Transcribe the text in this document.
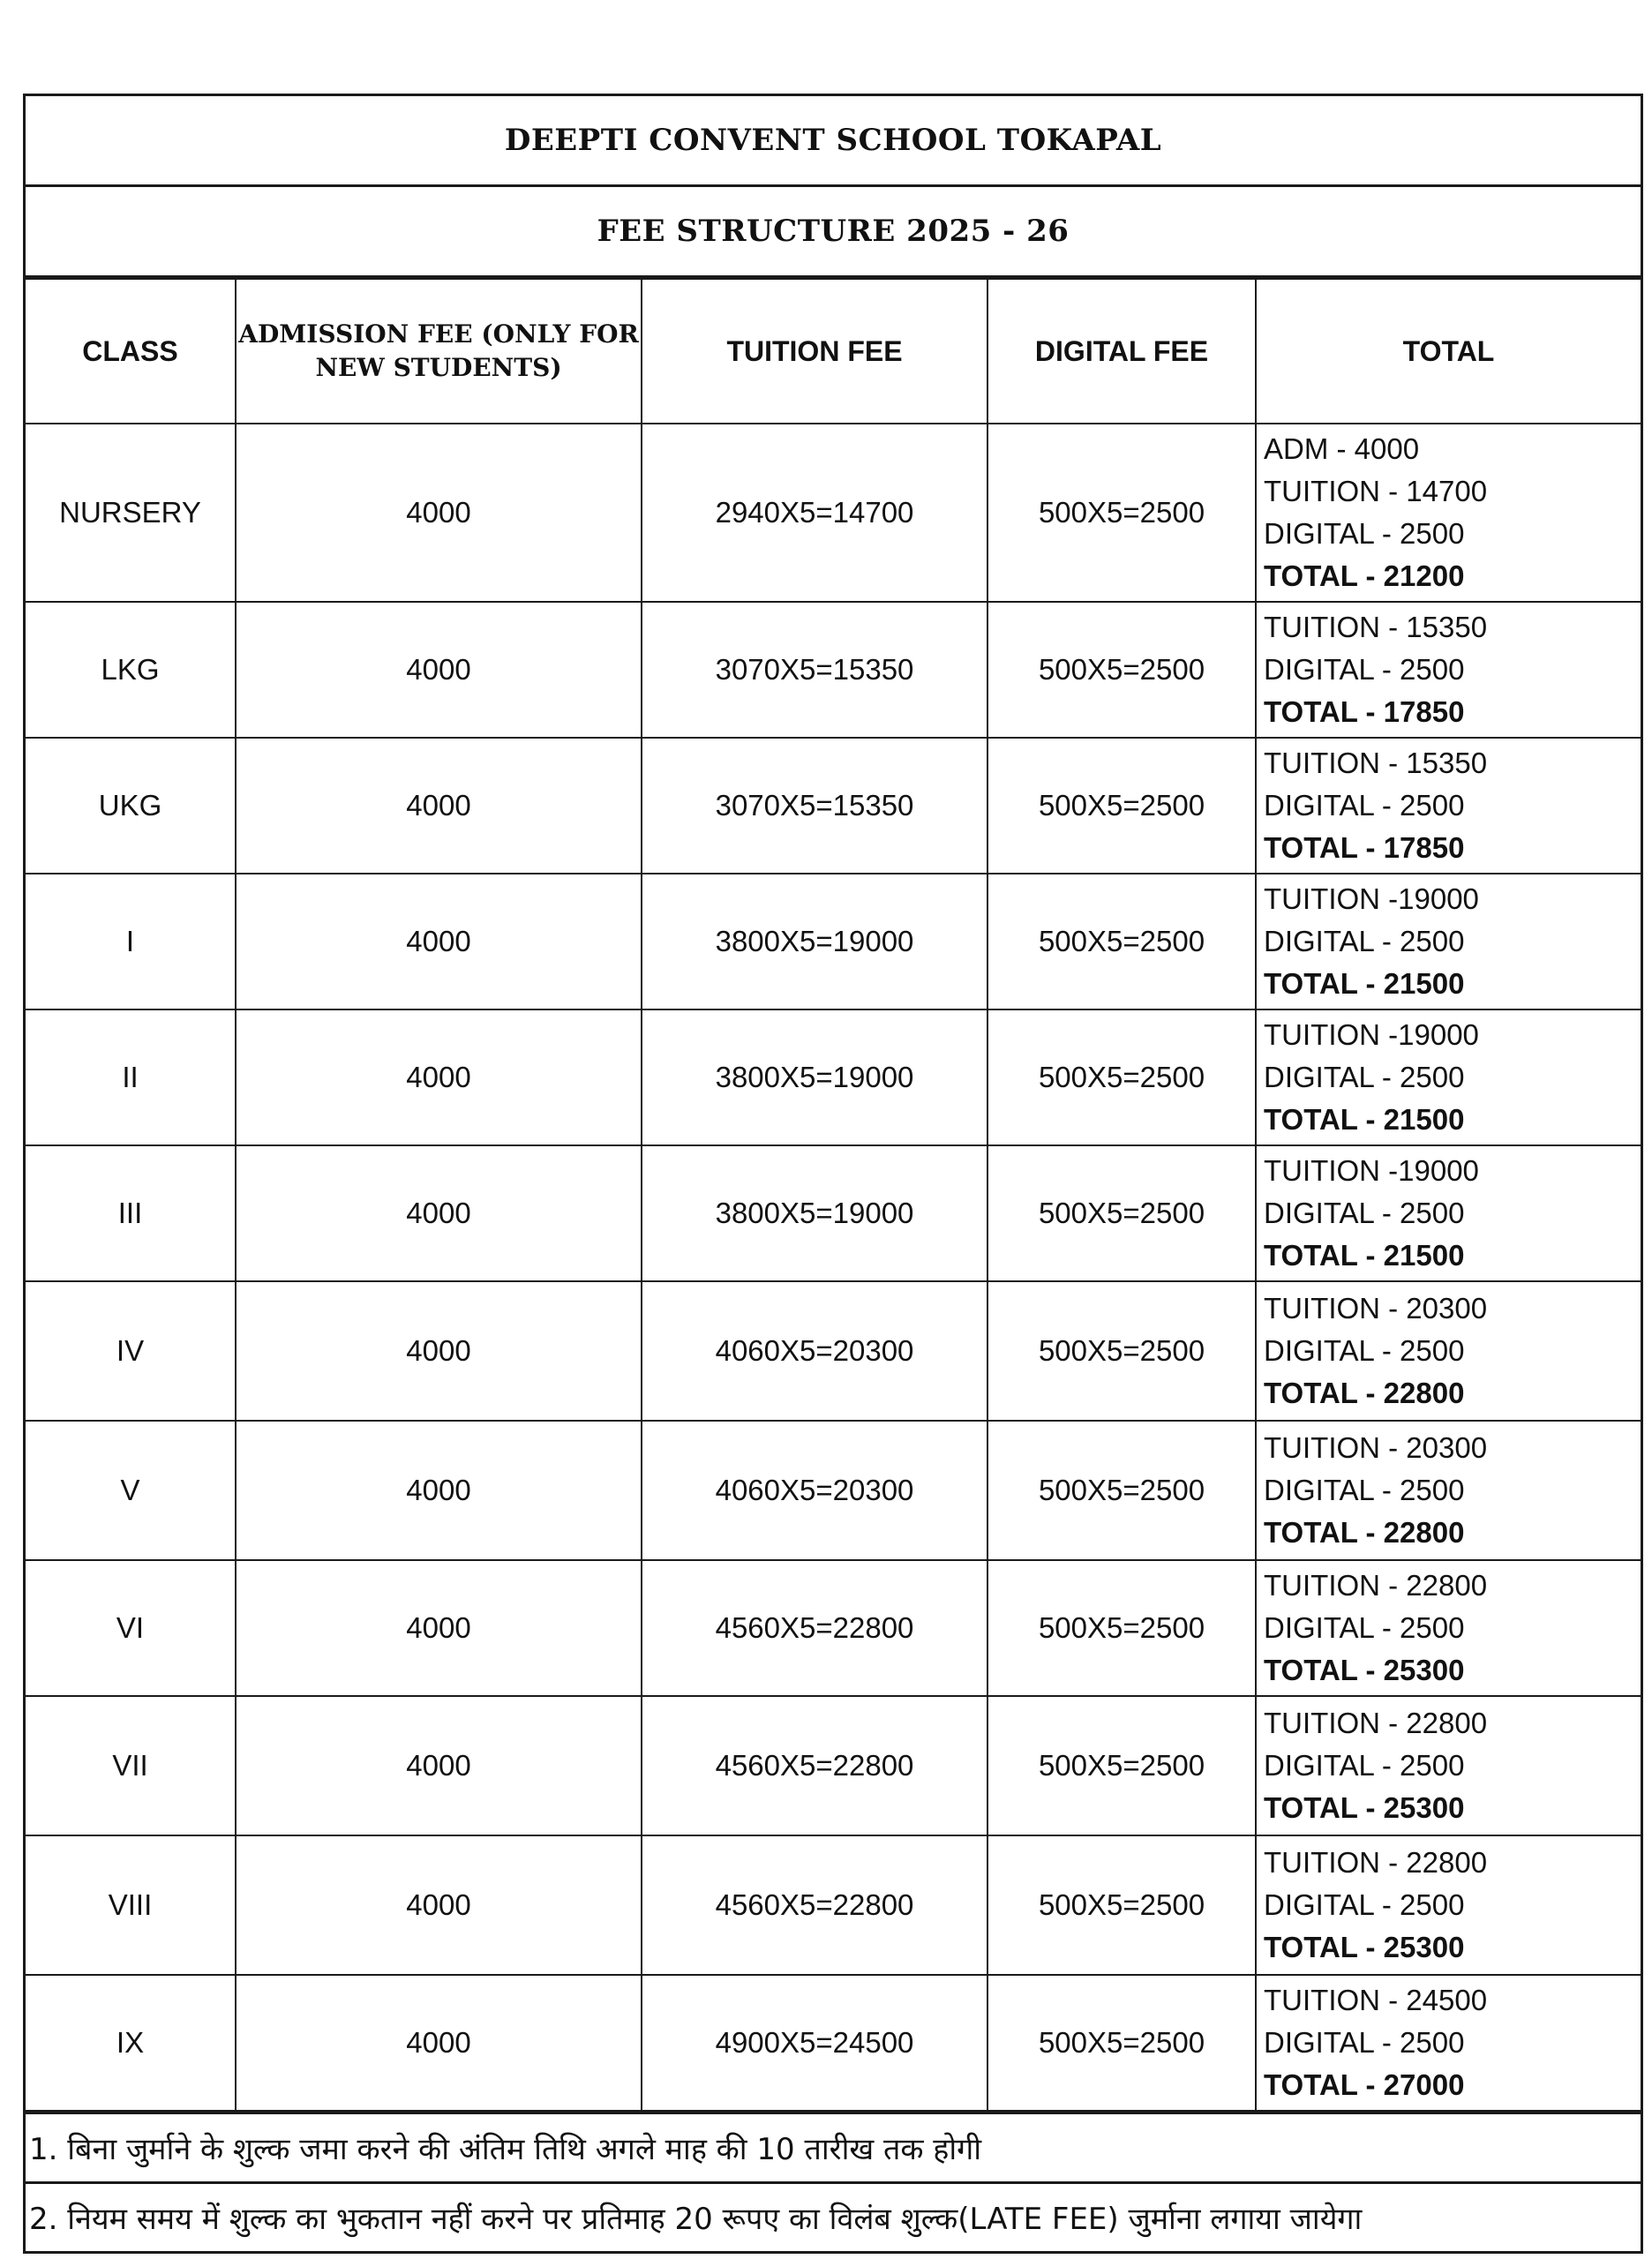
DEEPTI CONVENT SCHOOL TOKAPAL
FEE STRUCTURE 2025 - 26
CLASS	ADMISSION FEE (ONLY FOR NEW STUDENTS)	TUITION FEE	DIGITAL FEE	TOTAL
NURSERY	4000	2940X5=14700	500X5=2500	ADM - 4000
TUITION - 14700
DIGITAL - 2500
TOTAL - 21200

LKG	4000	3070X5=15350	500X5=2500	TUITION - 15350
DIGITAL - 2500
TOTAL - 17850

UKG	4000	3070X5=15350	500X5=2500	TUITION - 15350
DIGITAL - 2500
TOTAL - 17850

I	4000	3800X5=19000	500X5=2500	TUITION -19000
DIGITAL - 2500
TOTAL - 21500

II	4000	3800X5=19000	500X5=2500	TUITION -19000
DIGITAL - 2500
TOTAL - 21500

III	4000	3800X5=19000	500X5=2500	TUITION -19000
DIGITAL - 2500
TOTAL - 21500

IV	4000	4060X5=20300	500X5=2500	TUITION - 20300
DIGITAL - 2500
TOTAL - 22800

V	4000	4060X5=20300	500X5=2500	TUITION - 20300
DIGITAL - 2500
TOTAL - 22800

VI	4000	4560X5=22800	500X5=2500	TUITION - 22800
DIGITAL - 2500
TOTAL - 25300

VII	4000	4560X5=22800	500X5=2500	TUITION - 22800
DIGITAL - 2500
TOTAL - 25300

VIII	4000	4560X5=22800	500X5=2500	TUITION - 22800
DIGITAL - 2500
TOTAL - 25300

IX	4000	4900X5=24500	500X5=2500	TUITION - 24500
DIGITAL - 2500
TOTAL - 27000
1. बिना जुर्माने के शुल्क जमा करने की अंतिम तिथि अगले माह की 10 तारीख तक होगी
2. नियम समय में शुल्क का भुकतान नहीं करने पर प्रतिमाह 20 रूपए का विलंब शुल्क(LATE FEE) जुर्माना लगाया जायेगा
